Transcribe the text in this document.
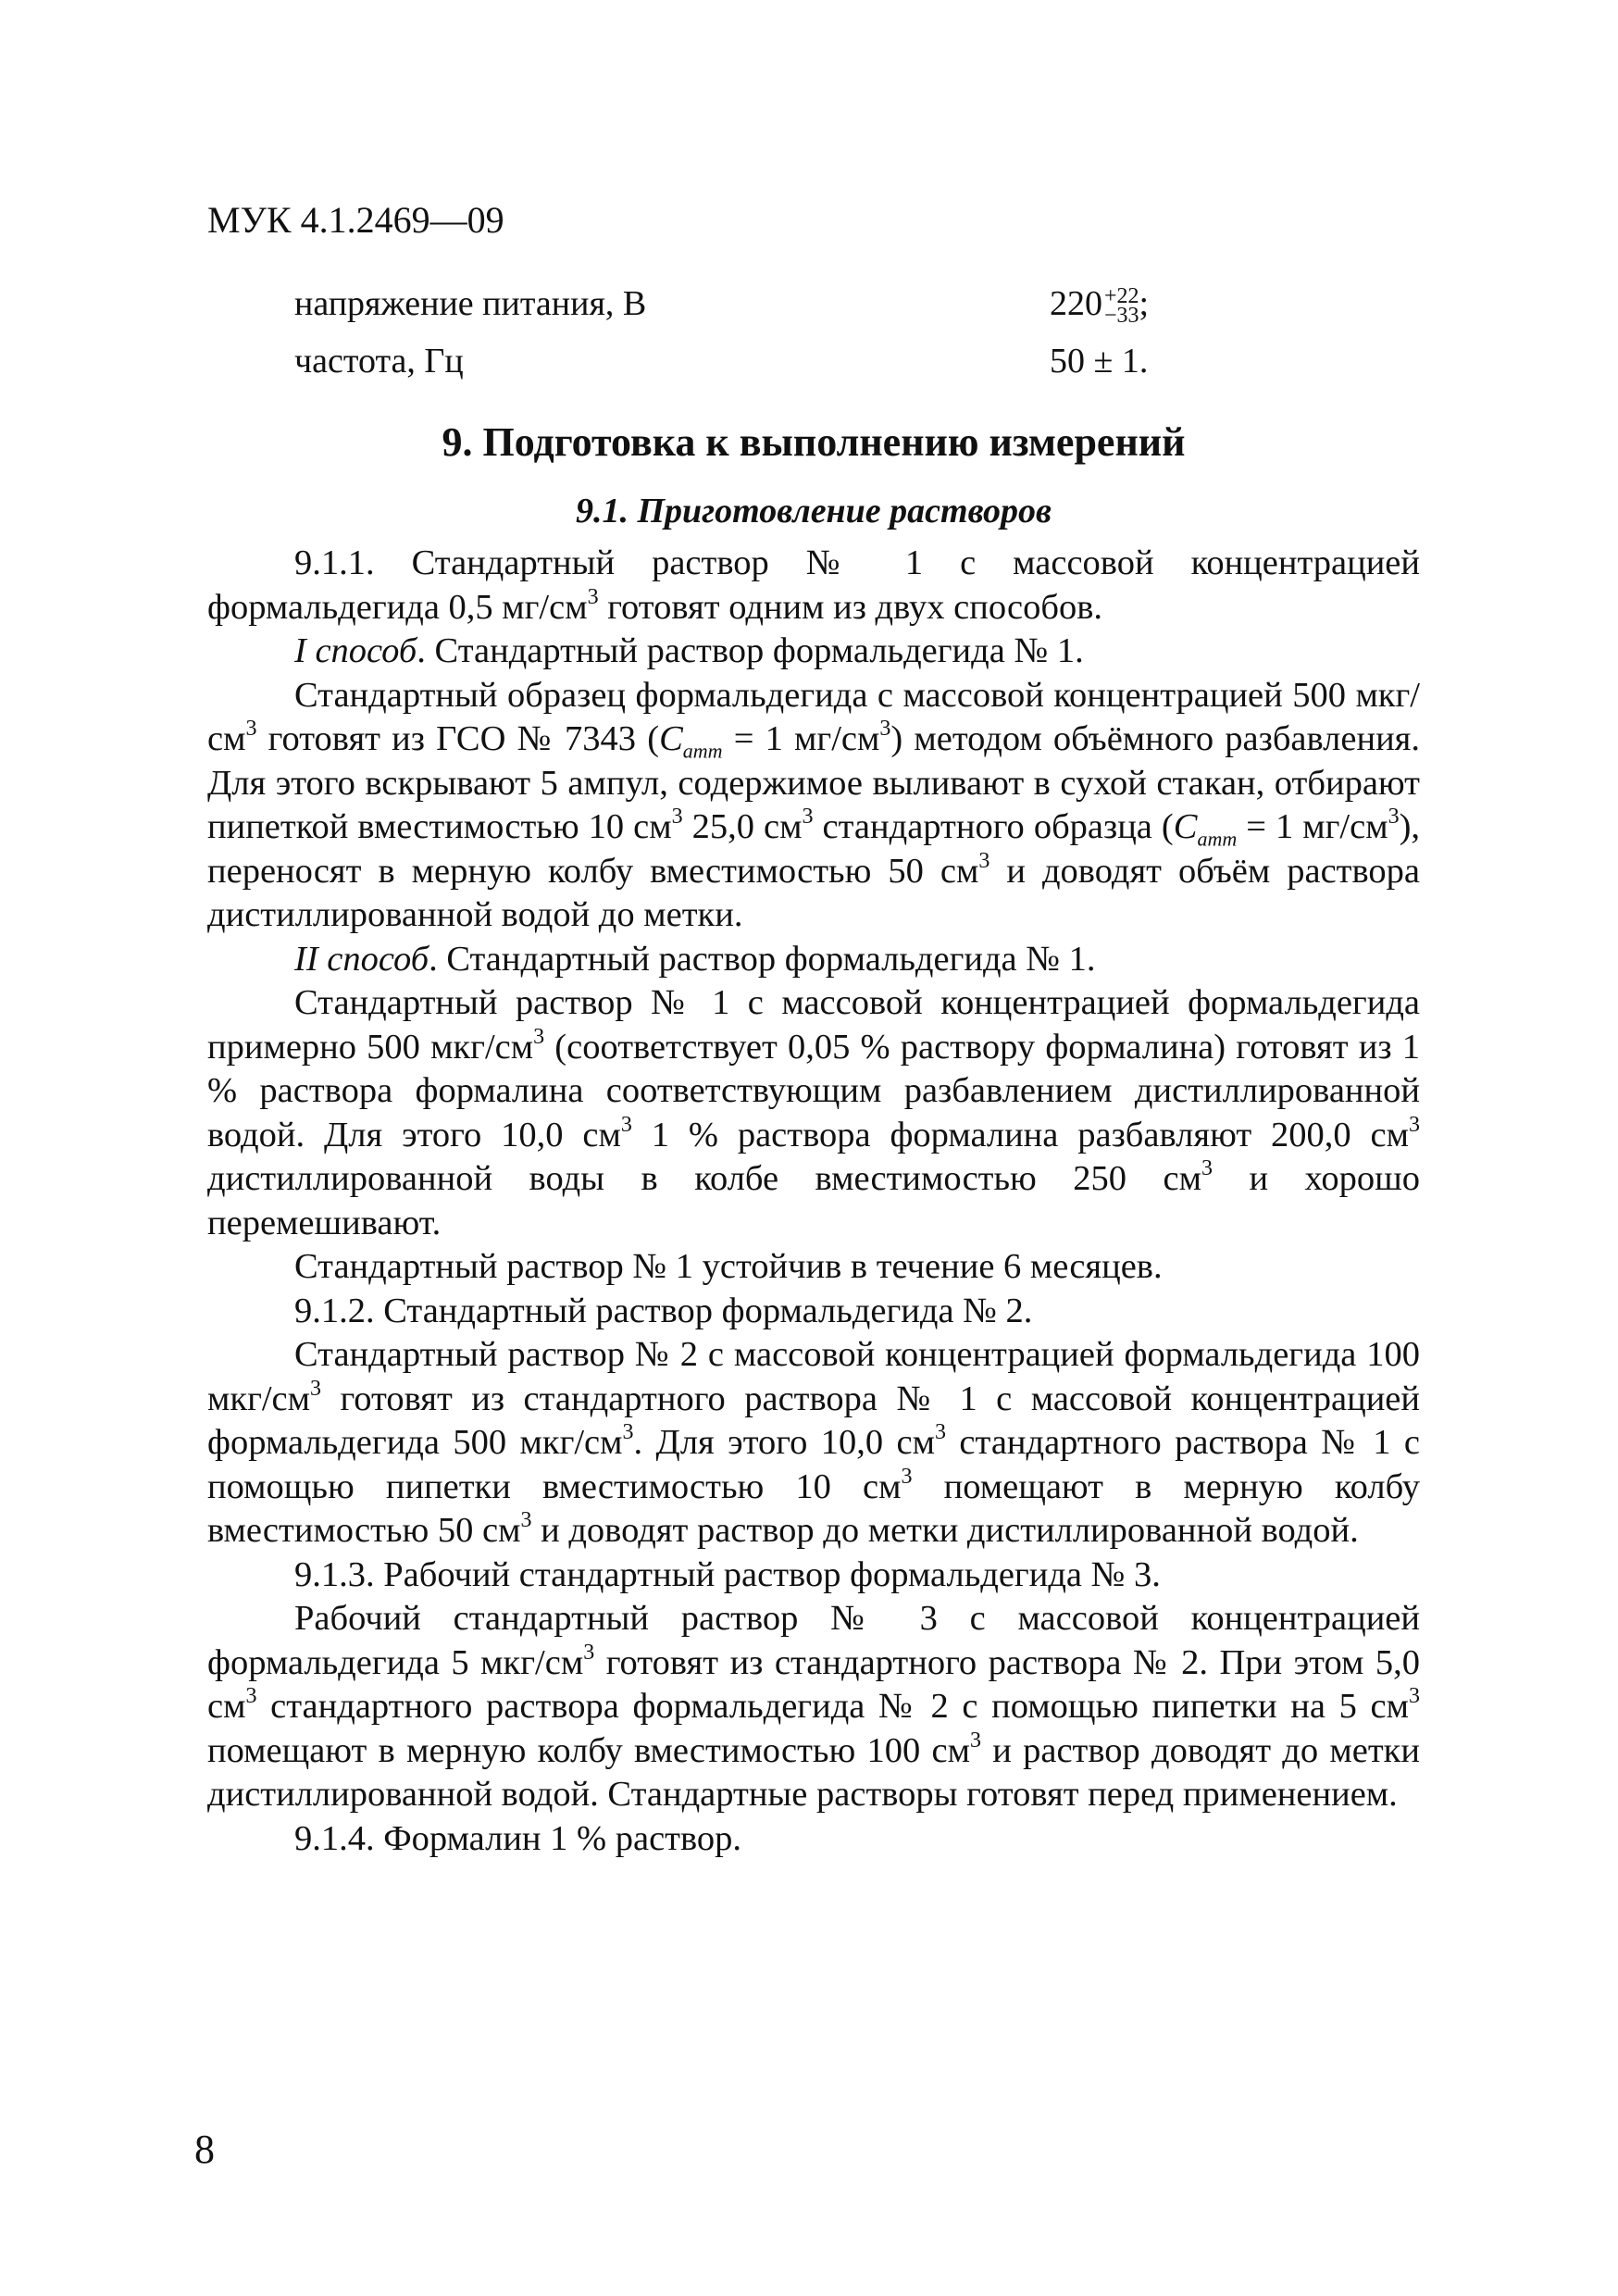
МУК 4.1.2469—09
напряжение питания, В	220 +22
−33 ;
частота, Гц	50 ± 1.
9. Подготовка к выполнению измерений
9.1. Приготовление растворов

9.1.1. Стандартный раствор № 1 с массовой концентрацией формальдегида 0,5 $мг/см^3$ готовят одним из двух способов.

I способ. Стандартный раствор формальдегида № 1.

Стандартный образец формальдегида с массовой концентрацией 500 мкг/$см^3$ готовят из ГСО № 7343 ($C_{атт} = 1$ $мг/см^3$) методом объёмного разбавления. Для этого вскрывают 5 ампул, содержимое выливают в сухой стакан, отбирают пипеткой вместимостью 10 $см^3$ 25,0 $см^3$ стандартного образца ($C_{атт} = 1$ $мг/см^3$), переносят в мерную колбу вместимостью 50 $см^3$ и доводят объём раствора дистиллированной водой до метки.

II способ. Стандартный раствор формальдегида № 1.

Стандартный раствор № 1 с массовой концентрацией формальдегида примерно 500 мкг/$см^3$ (соответствует 0,05 % раствору формалина) готовят из 1 % раствора формалина соответствующим разбавлением дистиллированной водой. Для этого 10,0 $см^3$ 1 % раствора формалина разбавляют 200,0 $см^3$ дистиллированной воды в колбе вместимостью 250 $см^3$ и хорошо перемешивают.

Стандартный раствор № 1 устойчив в течение 6 месяцев.

9.1.2. Стандартный раствор формальдегида № 2.

Стандартный раствор № 2 с массовой концентрацией формальдегида 100 мкг/$см^3$ готовят из стандартного раствора № 1 с массовой концентрацией формальдегида 500 мкг/$см^3$. Для этого 10,0 $см^3$ стандартного раствора № 1 с помощью пипетки вместимостью 10 $см^3$ помещают в мерную колбу вместимостью 50 $см^3$ и доводят раствор до метки дистиллированной водой.

9.1.3. Рабочий стандартный раствор формальдегида № 3.

Рабочий стандартный раствор № 3 с массовой концентрацией формальдегида 5 мкг/$см^3$ готовят из стандартного раствора № 2. При этом 5,0 $см^3$ стандартного раствора формальдегида № 2 с помощью пипетки на 5 $см^3$ помещают в мерную колбу вместимостью 100 $см^3$ и раствор доводят до метки дистиллированной водой. Стандартные растворы готовят перед применением.

9.1.4. Формалин 1 % раствор.

8
